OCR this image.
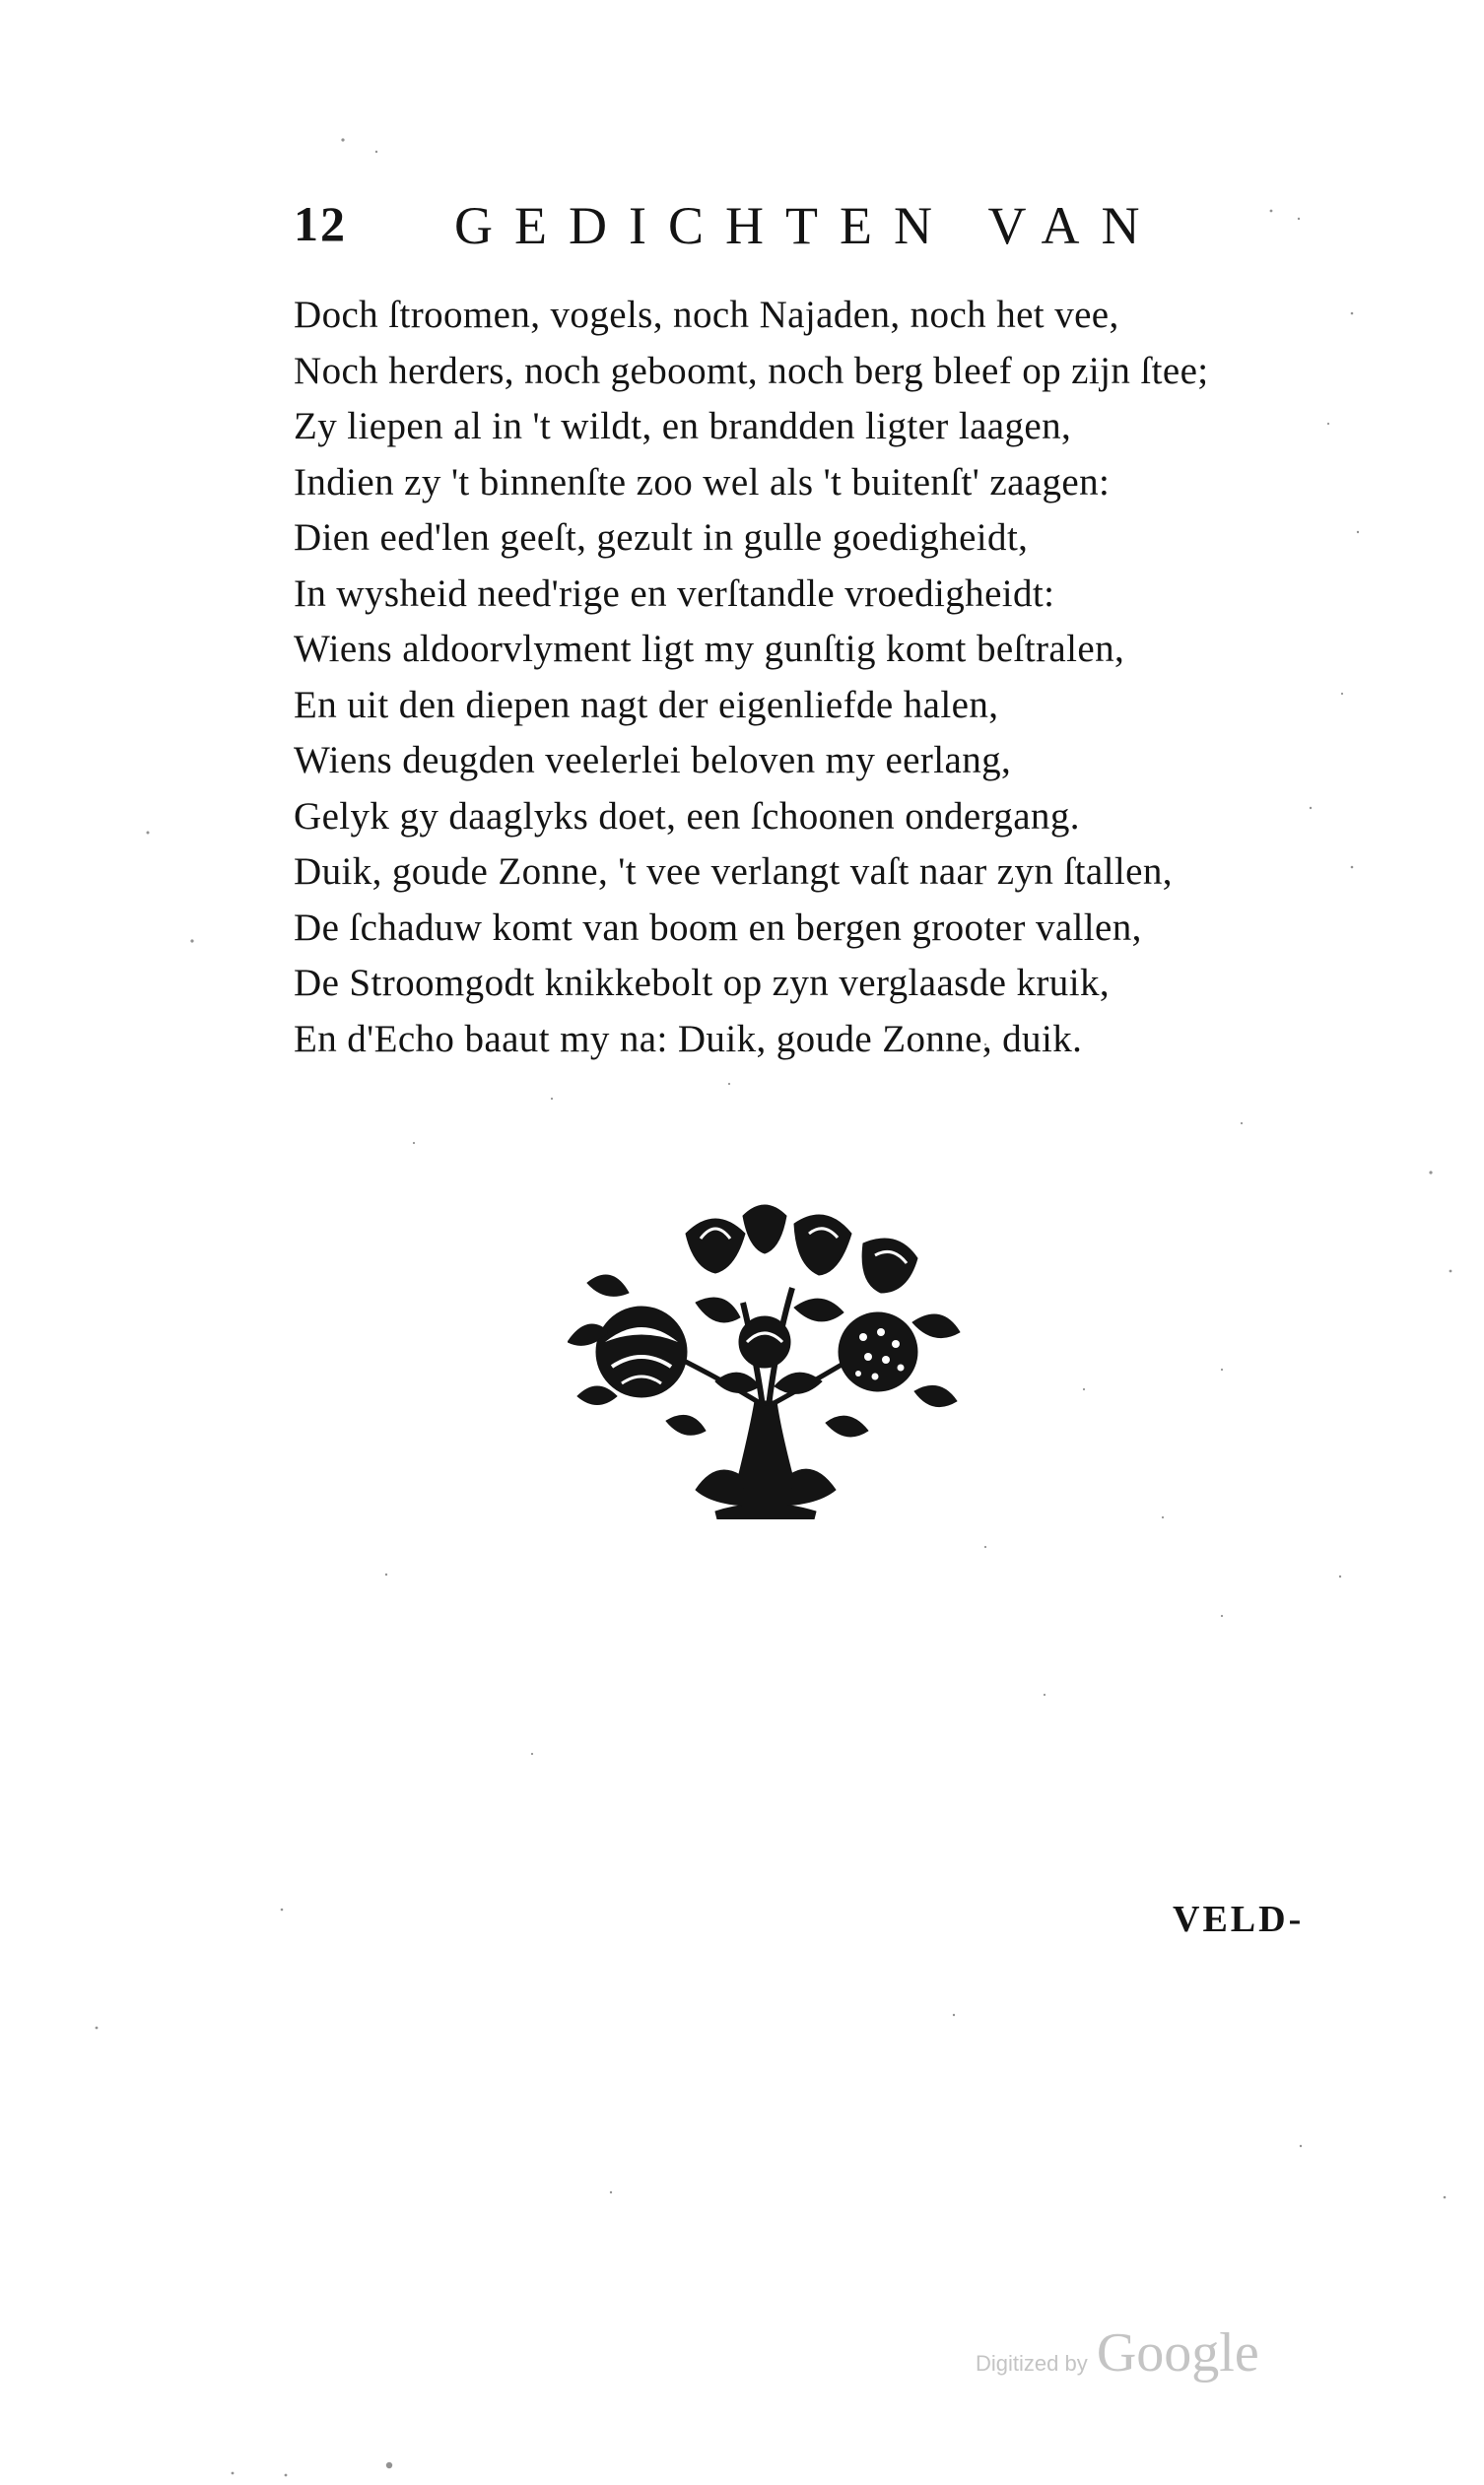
12 GEDICHTEN VAN
Doch ſtroomen, vogels, noch Najaden, noch het vee,
Noch herders, noch geboomt, noch berg bleef op zijn ſtee;
Zy liepen al in 't wildt, en brandden ligter laagen,
Indien zy 't binnenſte zoo wel als 't buitenſt' zaagen:
Dien eed'len geeſt, gezult in gulle goedigheidt,
In wysheid need'rige en verſtandle vroedigheidt:
Wiens aldoorvlyment ligt my gunſtig komt beſtralen,
En uit den diepen nagt der eigenliefde halen,
Wiens deugden veelerlei beloven my eerlang,
Gelyk gy daaglyks doet, een ſchoonen ondergang.
Duik, goude Zonne, 't vee verlangt vaſt naar zyn ſtallen,
De ſchaduw komt van boom en bergen grooter vallen,
De Stroomgodt knikkebolt op zyn verglaasde kruik,
En d'Echo baaut my na: Duik, goude Zonne, duik.
VELD-
Digitized by Google
